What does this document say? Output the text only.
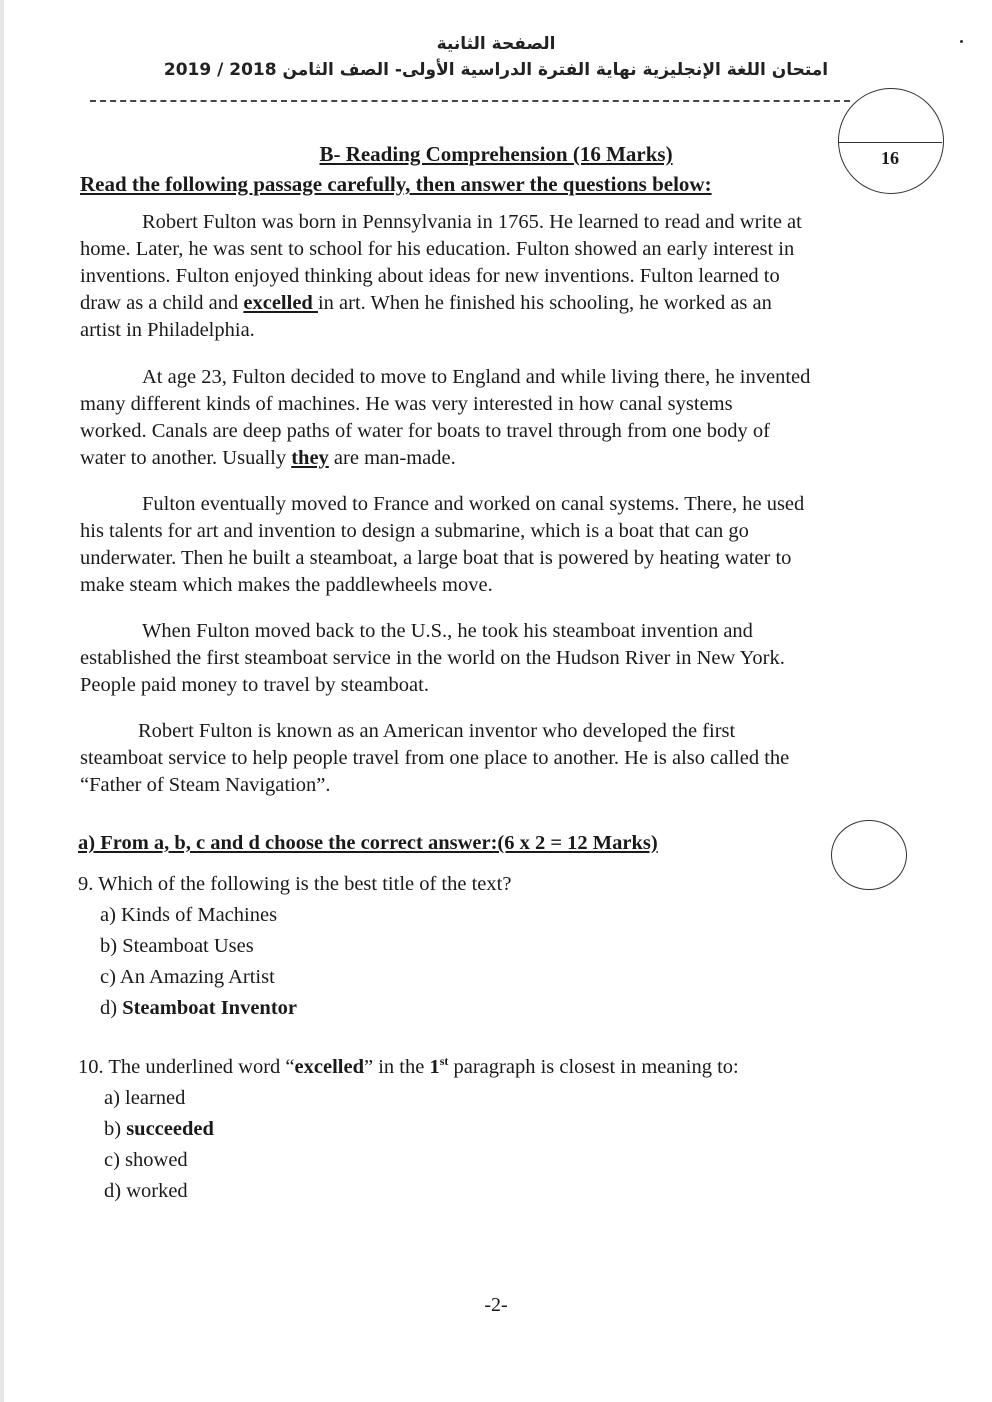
الصفحة الثانية
امتحان اللغة الإنجليزية نهاية الفترة الدراسية الأولى- الصف الثامن 2018 / 2019
16
B- Reading Comprehension (16 Marks)
Read the following passage carefully, then answer the questions below:
Robert Fulton was born in Pennsylvania in 1765. He learned to read and write at
home. Later, he was sent to school for his education. Fulton showed an early interest in
inventions. Fulton enjoyed thinking about ideas for new inventions. Fulton learned to
draw as a child and excelled in art. When he finished his schooling, he worked as an
artist in Philadelphia.
At age 23, Fulton decided to move to England and while living there, he invented
many different kinds of machines. He was very interested in how canal systems
worked. Canals are deep paths of water for boats to travel through from one body of
water to another. Usually they are man-made.
Fulton eventually moved to France and worked on canal systems. There, he used
his talents for art and invention to design a submarine, which is a boat that can go
underwater. Then he built a steamboat, a large boat that is powered by heating water to
make steam which makes the paddlewheels move.
When Fulton moved back to the U.S., he took his steamboat invention and
established the first steamboat service in the world on the Hudson River in New York.
People paid money to travel by steamboat.
Robert Fulton is known as an American inventor who developed the first
steamboat service to help people travel from one place to another. He is also called the
“Father of Steam Navigation”.
a) From a, b, c and d choose the correct answer:(6 x 2 = 12 Marks)
9. Which of the following is the best title of the text?
a) Kinds of Machines
b) Steamboat Uses
c) An Amazing Artist
d) Steamboat Inventor
10. The underlined word “excelled” in the 1st paragraph is closest in meaning to:
a) learned
b) succeeded
c) showed
d) worked
-2-
